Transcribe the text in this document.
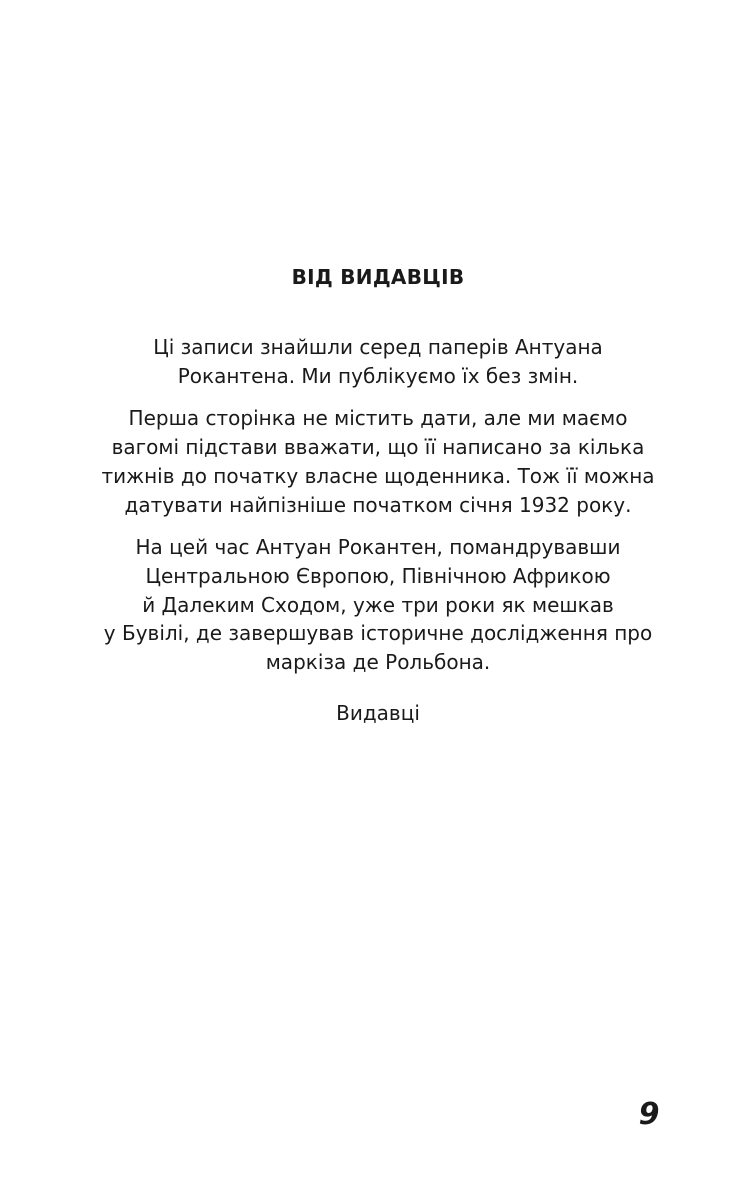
ВІД ВИДАВЦІВ

Ці записи знайшли серед паперів Антуана
Рокантена. Ми публікуємо їх без змін.

Перша сторінка не містить дати, але ми маємо
вагомі підстави вважати, що її написано за кілька
тижнів до початку власне щоденника. Тож її можна
датувати найпізніше початком січня 1932 року.

На цей час Антуан Рокантен, помандрувавши
Центральною Європою, Північною Африкою
й Далеким Сходом, уже три роки як мешкав
у Бувілі, де завершував історичне дослідження про
маркіза де Рольбона.

Видавці

9
